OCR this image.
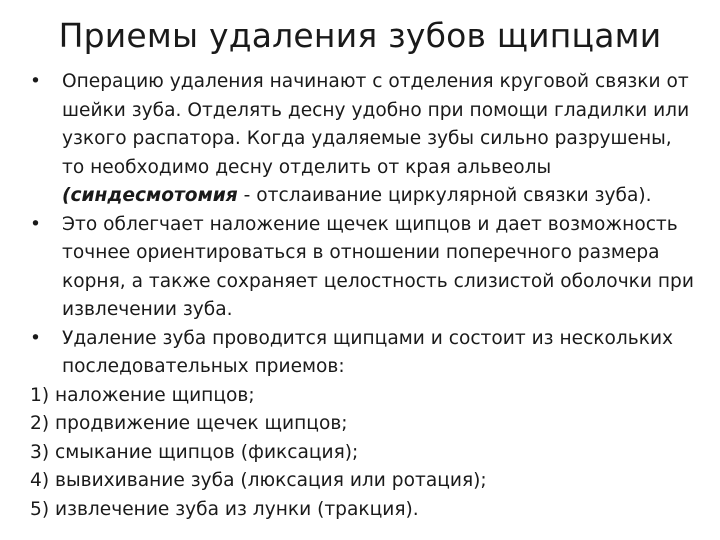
Приемы удаления зубов щипцами
•	Операцию удаления начинают с отделения круговой связки от
шейки зуба. Отделять десну удобно при помощи гладилки или
узкого распатора. Когда удаляемые зубы сильно разрушены,
то необходимо десну отделить от края альвеолы
(синдесмотомия - отслаивание циркулярной связки зуба).
•	Это облегчает наложение щечек щипцов и дает возможность
точнее ориентироваться в отношении поперечного размера
корня, а также сохраняет целостность слизистой оболочки при
извлечении зуба.
•	Удаление зуба проводится щипцами и состоит из нескольких
последовательных приемов:
1) наложение щипцов;
2) продвижение щечек щипцов;
3) смыкание щипцов (фиксация);
4) вывихивание зуба (люксация или ротация);
5) извлечение зуба из лунки (тракция).
